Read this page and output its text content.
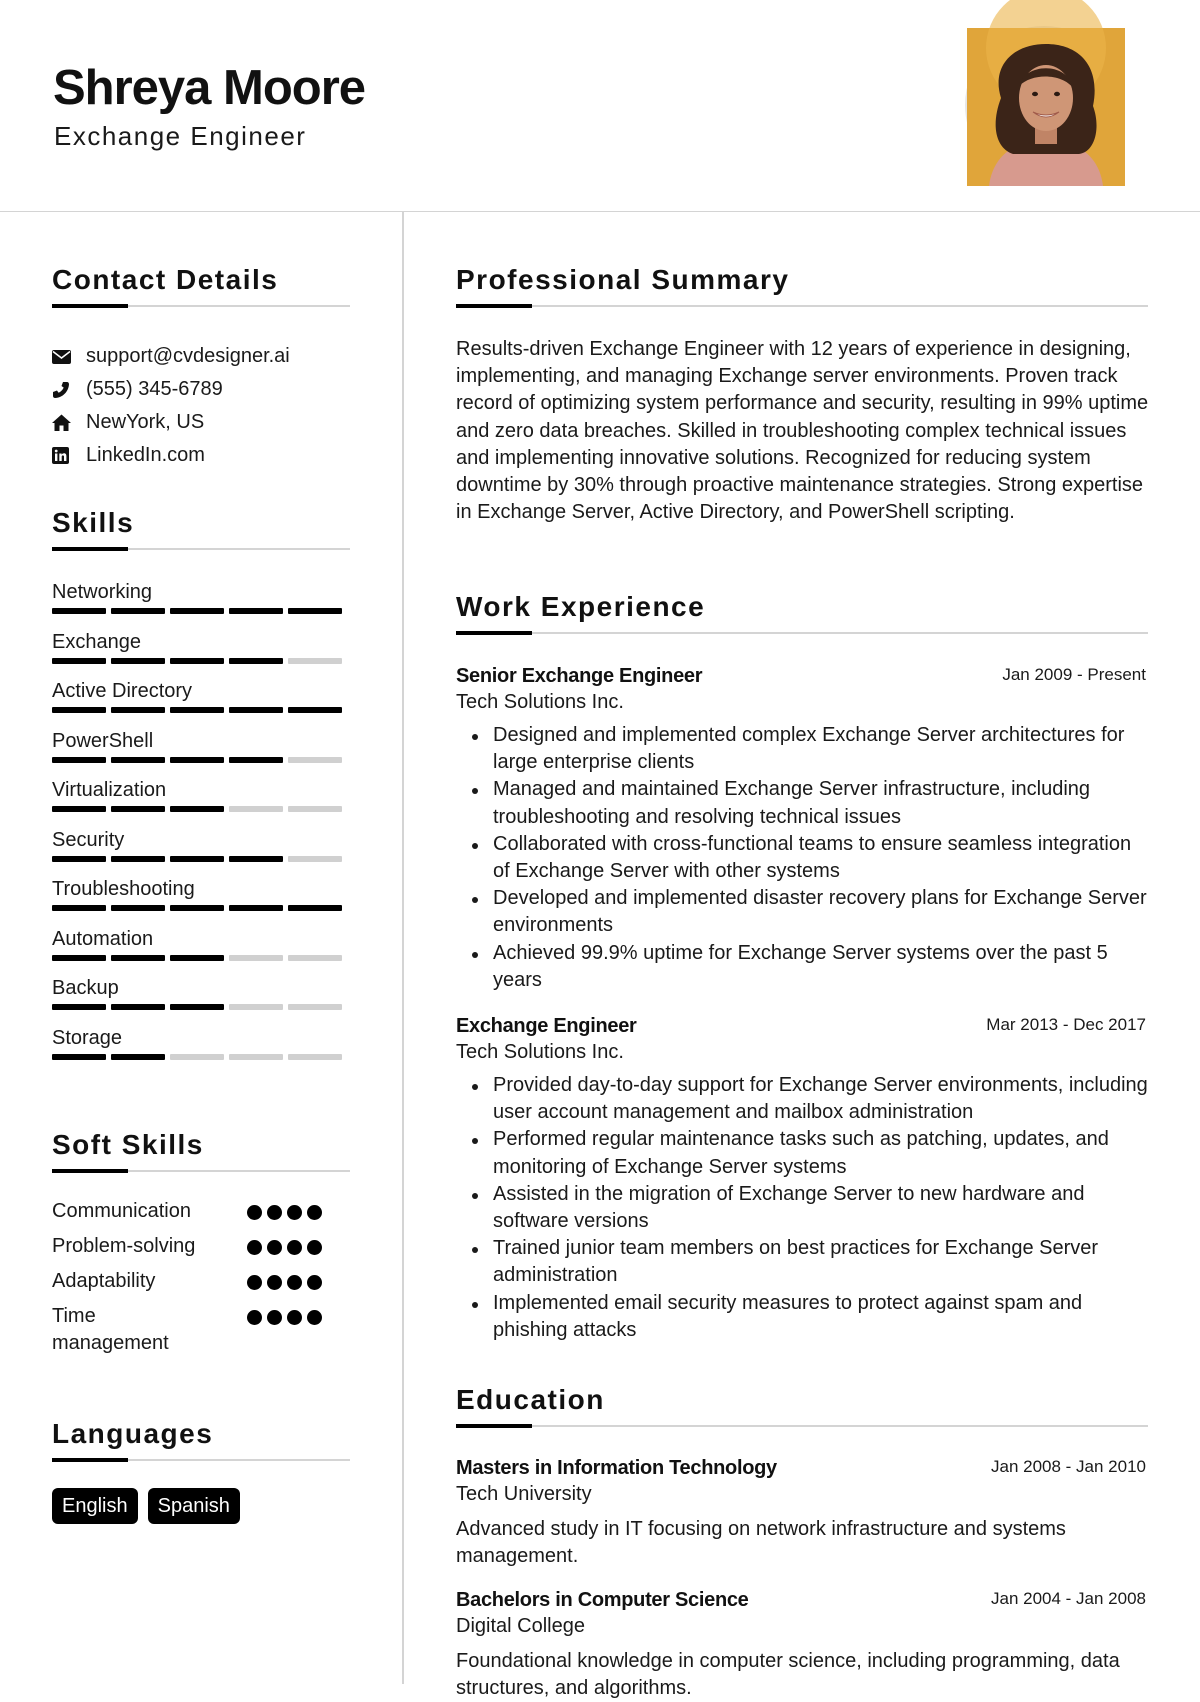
Shreya Moore
Exchange Engineer
Contact Details
support@cvdesigner.ai
(555) 345-6789
NewYork, US
LinkedIn.com
Skills
Networking
Exchange
Active Directory
PowerShell
Virtualization
Security
Troubleshooting
Automation
Backup
Storage
Soft Skills
Communication
Problem-solving
Adaptability
Time management
Languages
English	Spanish
Professional Summary
Results-driven Exchange Engineer with 12 years of experience in designing, implementing, and managing Exchange server environments. Proven track record of optimizing system performance and security, resulting in 99% uptime and zero data breaches. Skilled in troubleshooting complex technical issues and implementing innovative solutions. Recognized for reducing system downtime by 30% through proactive maintenance strategies. Strong expertise in Exchange Server, Active Directory, and PowerShell scripting.
Work Experience
Senior Exchange Engineer	Jan 2009 - Present
Tech Solutions Inc.
Designed and implemented complex Exchange Server architectures for large enterprise clients
Managed and maintained Exchange Server infrastructure, including troubleshooting and resolving technical issues
Collaborated with cross-functional teams to ensure seamless integration of Exchange Server with other systems
Developed and implemented disaster recovery plans for Exchange Server environments
Achieved 99.9% uptime for Exchange Server systems over the past 5 years
Exchange Engineer	Mar 2013 - Dec 2017
Tech Solutions Inc.
Provided day-to-day support for Exchange Server environments, including user account management and mailbox administration
Performed regular maintenance tasks such as patching, updates, and monitoring of Exchange Server systems
Assisted in the migration of Exchange Server to new hardware and software versions
Trained junior team members on best practices for Exchange Server administration
Implemented email security measures to protect against spam and phishing attacks
Education
Masters in Information Technology	Jan 2008 - Jan 2010
Tech University
Advanced study in IT focusing on network infrastructure and systems management.
Bachelors in Computer Science	Jan 2004 - Jan 2008
Digital College
Foundational knowledge in computer science, including programming, data structures, and algorithms.
